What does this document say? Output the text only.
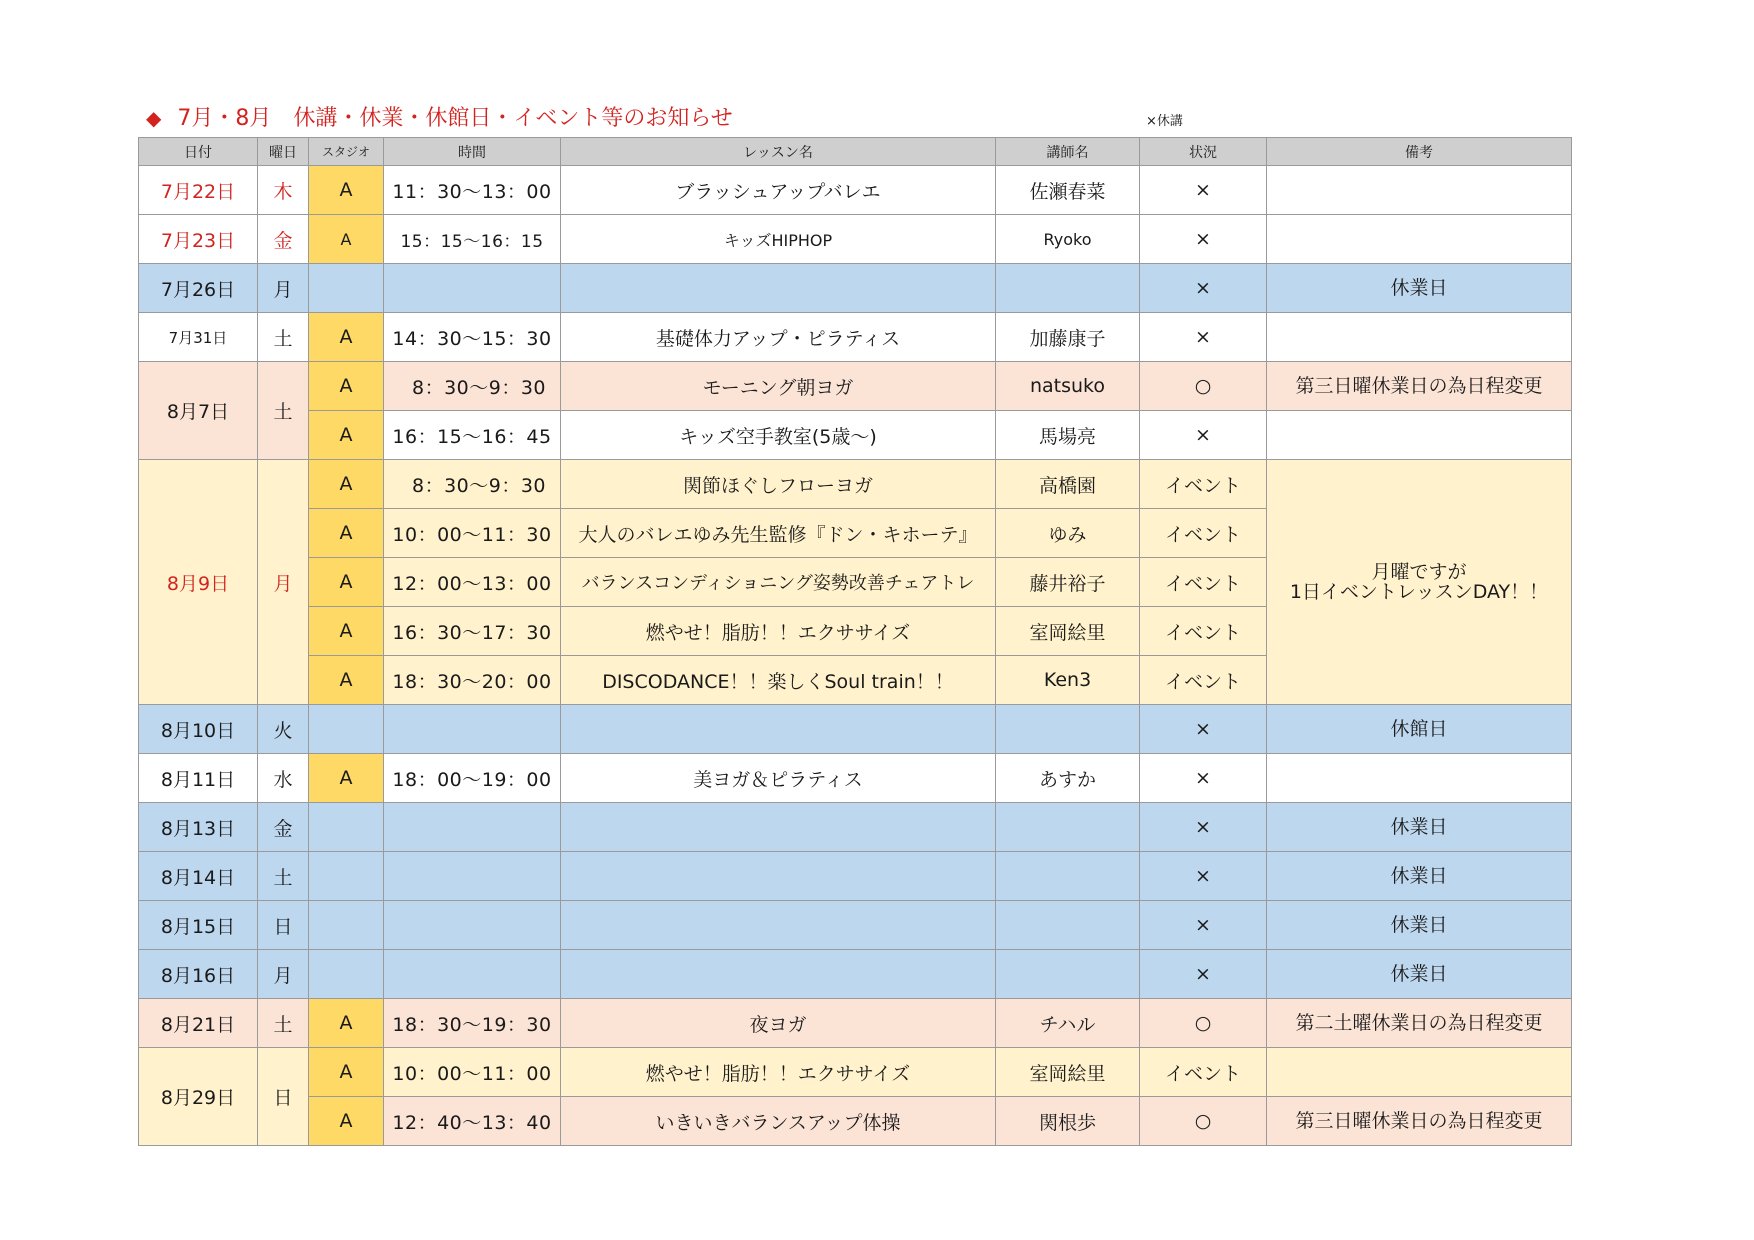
◆ 7月・8月　休講・休業・休館日・イベント等のお知らせ	×休講
日付	曜日	スタジオ	時間	レッスン名	講師名	状況	備考
7月22日	木	A	11：30～13：00	ブラッシュアップバレエ	佐瀬春菜	×	
7月23日	金	A	15：15～16：15	キッズHIPHOP	Ryoko	×	
7月26日	月					×	休業日
7月31日	土	A	14：30～15：30	基礎体力アップ・ピラティス	加藤康子	×	
8月7日	土	A	8：30～9：30	モーニング朝ヨガ	natsuko	○	第三日曜休業日の為日程変更
		A	16：15～16：45	キッズ空手教室(5歳～)	馬場亮	×	
8月9日	月	A	8：30～9：30	関節ほぐしフローヨガ	高橋園	イベント	月曜ですが
1日イベントレッスンDAY！！
		A	10：00～11：30	大人のバレエゆみ先生監修『ドン・キホーテ』	ゆみ	イベント	
		A	12：00～13：00	バランスコンディショニング姿勢改善チェアトレ	藤井裕子	イベント	
		A	16：30～17：30	燃やせ！脂肪！！エクササイズ	室岡絵里	イベント	
		A	18：30～20：00	DISCODANCE！！楽しくSoul train！！	Ken3	イベント	
8月10日	火					×	休館日
8月11日	水	A	18：00～19：00	美ヨガ＆ピラティス	あすか	×	
8月13日	金					×	休業日
8月14日	土					×	休業日
8月15日	日					×	休業日
8月16日	月					×	休業日
8月21日	土	A	18：30～19：30	夜ヨガ	チハル	○	第二土曜休業日の為日程変更
8月29日	日	A	10：00～11：00	燃やせ！脂肪！！エクササイズ	室岡絵里	イベント	
		A	12：40～13：40	いきいきバランスアップ体操	関根歩	○	第三日曜休業日の為日程変更
